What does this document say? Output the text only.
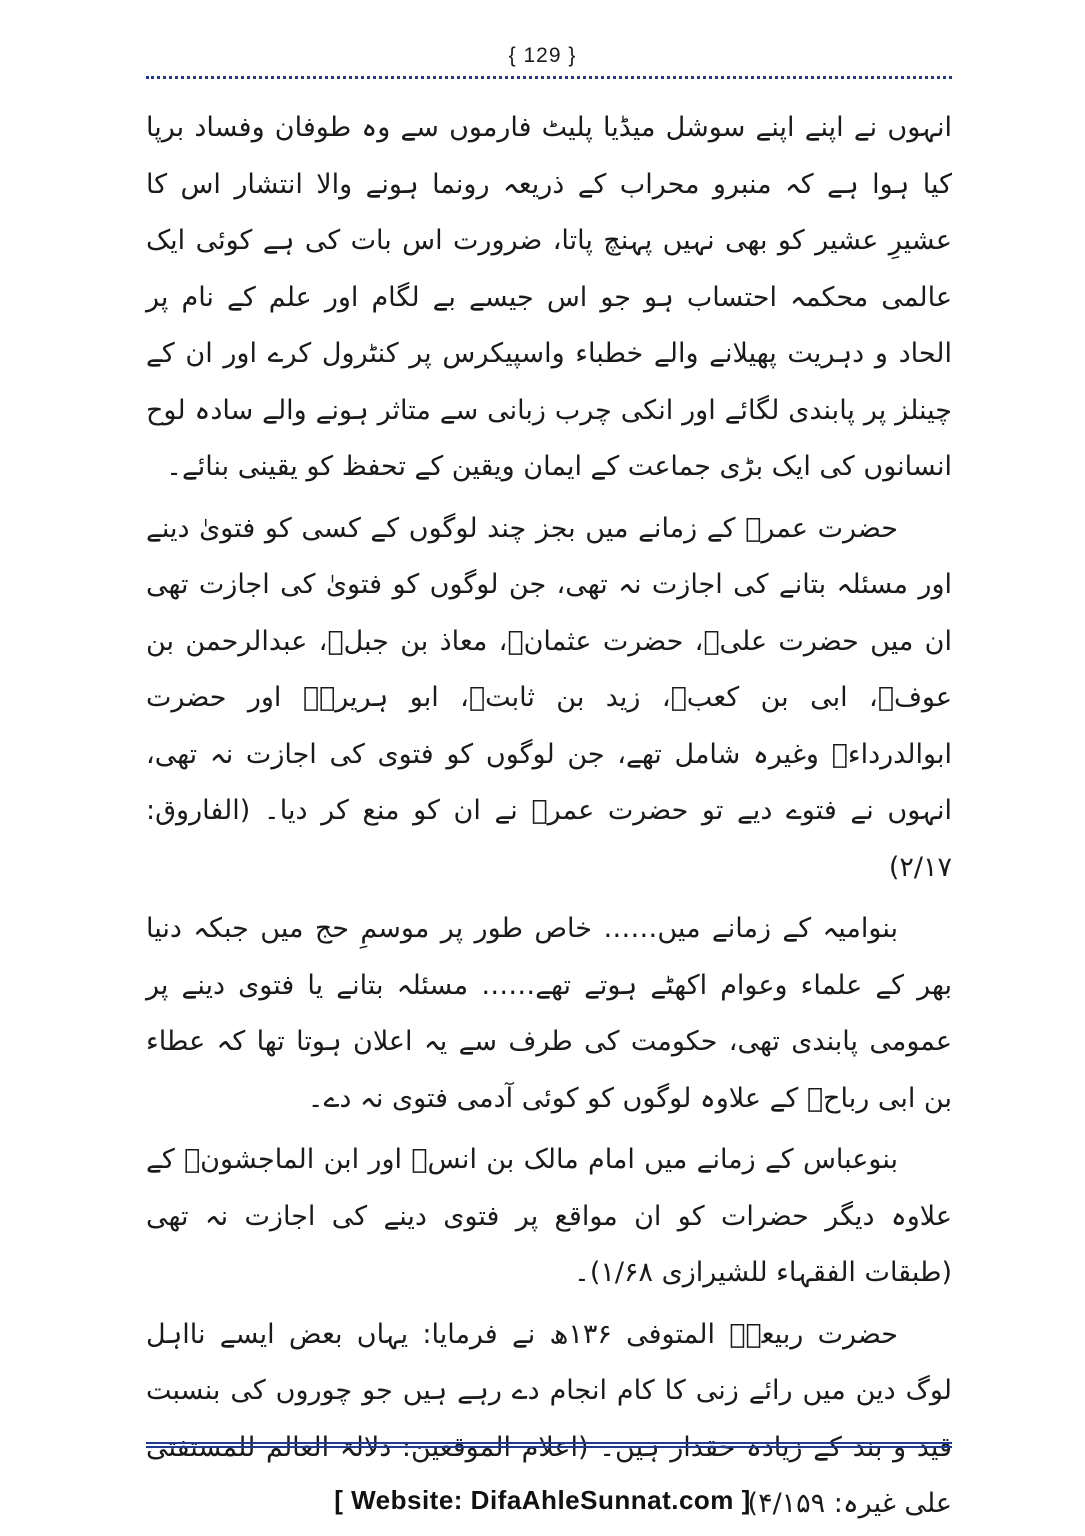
{ 129 }

انہوں نے اپنے اپنے سوشل میڈیا پلیٹ فارموں سے وہ طوفان وفساد برپا کیا ہوا ہے کہ منبرو محراب کے ذریعہ رونما ہونے والا انتشار اس کا عشیرِ عشیر کو بھی نہیں پہنچ پاتا، ضرورت اس بات کی ہے کوئی ایک عالمی محکمہ احتساب ہو جو اس جیسے بے لگام اور علم کے نام پر الحاد و دہریت پھیلانے والے خطباء واسپیکرس پر کنٹرول کرے اور ان کے چینلز پر پابندی لگائے اور انکی چرب زبانی سے متاثر ہونے والے سادہ لوح انسانوں کی ایک بڑی جماعت کے ایمان ویقین کے تحفظ کو یقینی بنائے۔

حضرت عمرؓ کے زمانے میں بجز چند لوگوں کے کسی کو فتویٰ دینے اور مسئلہ بتانے کی اجازت نہ تھی، جن لوگوں کو فتویٰ کی اجازت تھی ان میں حضرت علیؓ، حضرت عثمانؓ، معاذ بن جبلؓ، عبدالرحمن بن عوفؓ، ابی بن کعبؓ، زید بن ثابتؓ، ابو ہریرہؓ اور حضرت ابوالدرداءؓ وغیرہ شامل تھے، جن لوگوں کو فتوی کی اجازت نہ تھی، انہوں نے فتوے دیے تو حضرت عمرؓ نے ان کو منع کر دیا۔ (الفاروق: ۲/۱۷)

بنوامیہ کے زمانے میں…… خاص طور پر موسمِ حج میں جبکہ دنیا بھر کے علماء وعوام اکھٹے ہوتے تھے…… مسئلہ بتانے یا فتوی دینے پر عمومی پابندی تھی، حکومت کی طرف سے یہ اعلان ہوتا تھا کہ عطاء بن ابی رباحؒ کے علاوہ لوگوں کو کوئی آدمی فتوی نہ دے۔

بنوعباس کے زمانے میں امام مالک بن انسؒ اور ابن الماجشونؒ کے علاوہ دیگر حضرات کو ان مواقع پر فتوی دینے کی اجازت نہ تھی (طبقات الفقہاء للشیرازی ۱/۶۸)۔

حضرت ربیعہؒ المتوفی ۱۳۶ھ نے فرمایا: یہاں بعض ایسے نااہل لوگ دین میں رائے زنی کا کام انجام دے رہے ہیں جو چوروں کی بنسبت قید و بند کے زیادہ حقدار ہیں۔ (اعلام الموقعین: دلالۃ العالم للمستفتی علی غیرہ: ۴/۱۵۹)

[ Website: DifaAhleSunnat.com ]
